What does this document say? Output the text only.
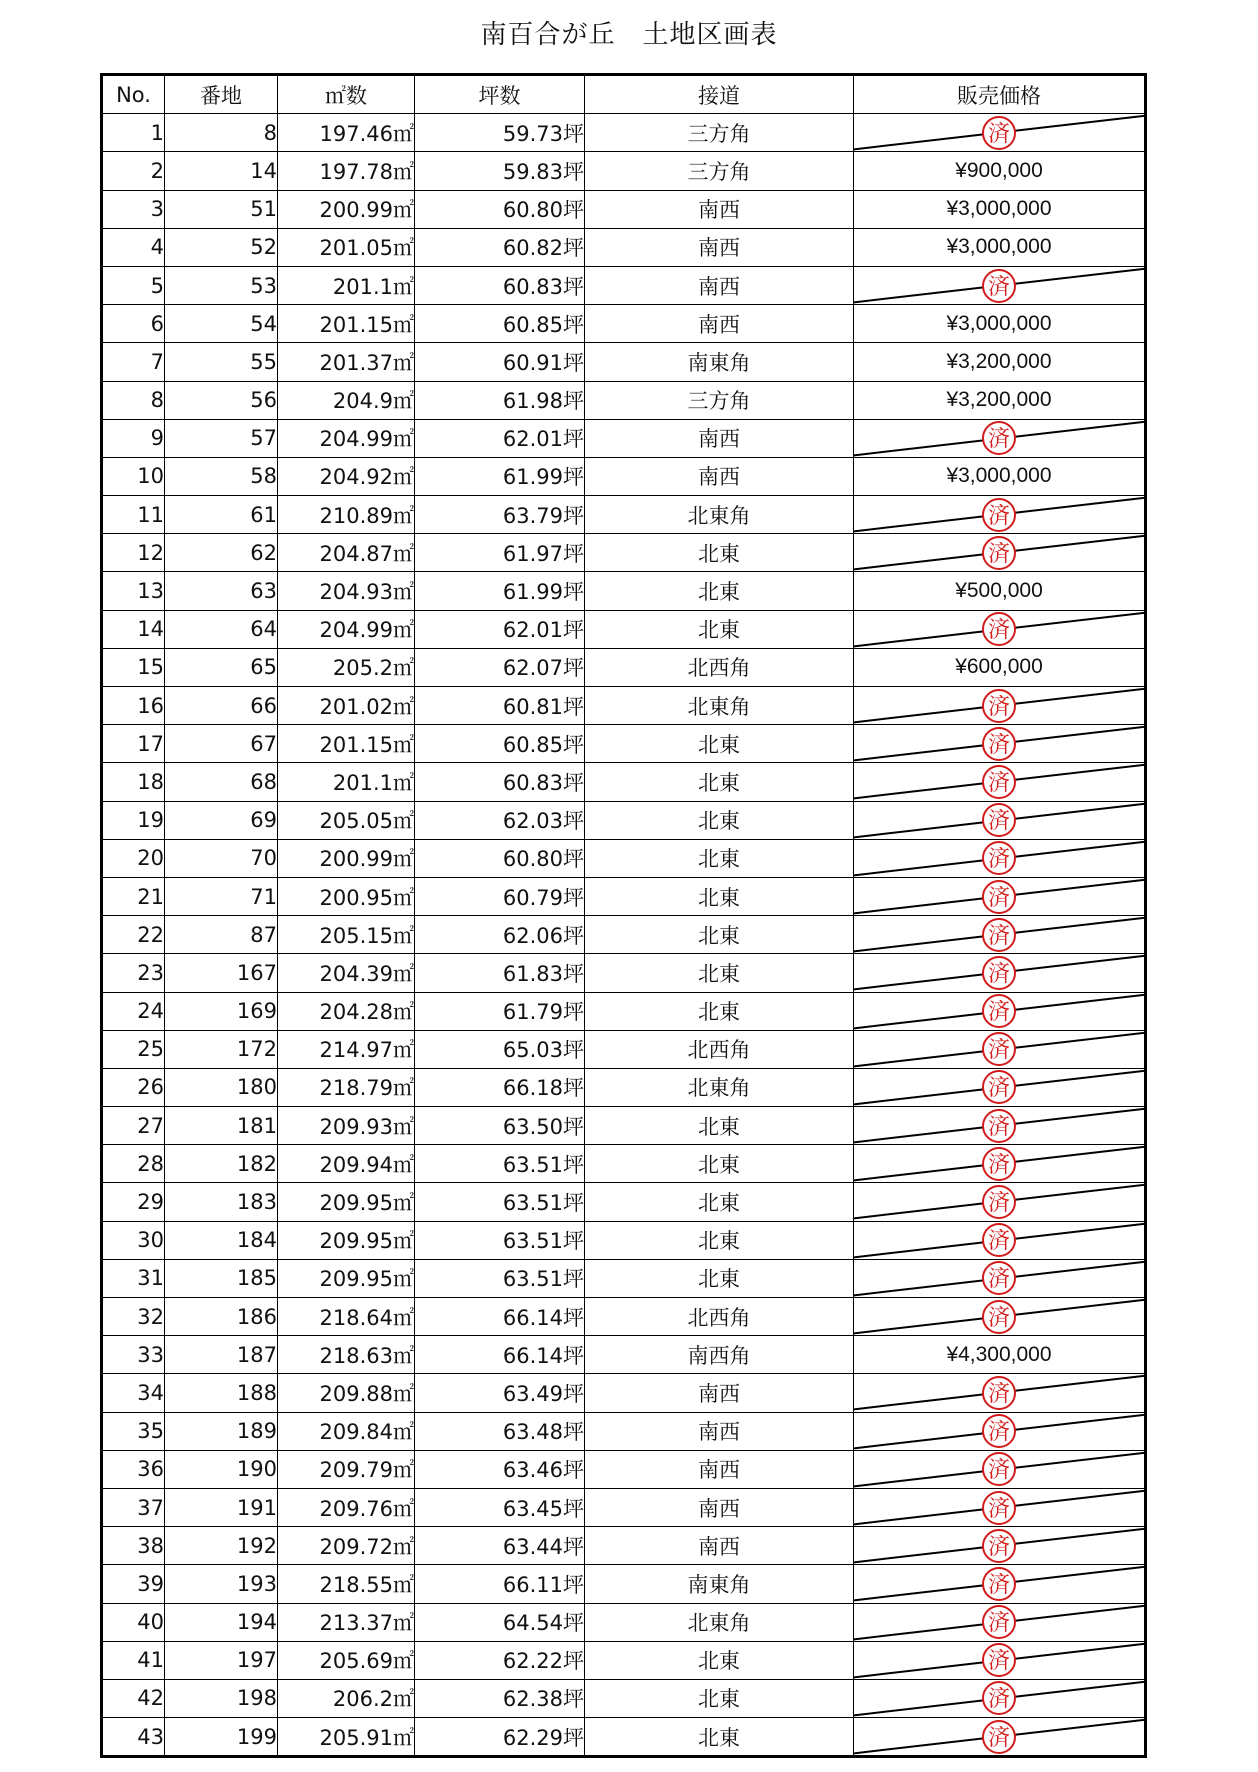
南百合が丘　土地区画表
No.	番地	㎡数	坪数	接道	販売価格
1	8	197.46㎡	59.73坪	三方角	済

2	14	197.78㎡	59.83坪	三方角	¥900,000
3	51	200.99㎡	60.80坪	南西	¥3,000,000
4	52	201.05㎡	60.82坪	南西	¥3,000,000
5	53	201.1㎡	60.83坪	南西	済

6	54	201.15㎡	60.85坪	南西	¥3,000,000
7	55	201.37㎡	60.91坪	南東角	¥3,200,000
8	56	204.9㎡	61.98坪	三方角	¥3,200,000
9	57	204.99㎡	62.01坪	南西	済

10	58	204.92㎡	61.99坪	南西	¥3,000,000
11	61	210.89㎡	63.79坪	北東角	済

12	62	204.87㎡	61.97坪	北東	済

13	63	204.93㎡	61.99坪	北東	¥500,000
14	64	204.99㎡	62.01坪	北東	済

15	65	205.2㎡	62.07坪	北西角	¥600,000
16	66	201.02㎡	60.81坪	北東角	済

17	67	201.15㎡	60.85坪	北東	済

18	68	201.1㎡	60.83坪	北東	済

19	69	205.05㎡	62.03坪	北東	済

20	70	200.99㎡	60.80坪	北東	済

21	71	200.95㎡	60.79坪	北東	済

22	87	205.15㎡	62.06坪	北東	済

23	167	204.39㎡	61.83坪	北東	済

24	169	204.28㎡	61.79坪	北東	済

25	172	214.97㎡	65.03坪	北西角	済

26	180	218.79㎡	66.18坪	北東角	済

27	181	209.93㎡	63.50坪	北東	済

28	182	209.94㎡	63.51坪	北東	済

29	183	209.95㎡	63.51坪	北東	済

30	184	209.95㎡	63.51坪	北東	済

31	185	209.95㎡	63.51坪	北東	済

32	186	218.64㎡	66.14坪	北西角	済

33	187	218.63㎡	66.14坪	南西角	¥4,300,000
34	188	209.88㎡	63.49坪	南西	済

35	189	209.84㎡	63.48坪	南西	済

36	190	209.79㎡	63.46坪	南西	済

37	191	209.76㎡	63.45坪	南西	済

38	192	209.72㎡	63.44坪	南西	済

39	193	218.55㎡	66.11坪	南東角	済

40	194	213.37㎡	64.54坪	北東角	済

41	197	205.69㎡	62.22坪	北東	済

42	198	206.2㎡	62.38坪	北東	済

43	199	205.91㎡	62.29坪	北東	済
